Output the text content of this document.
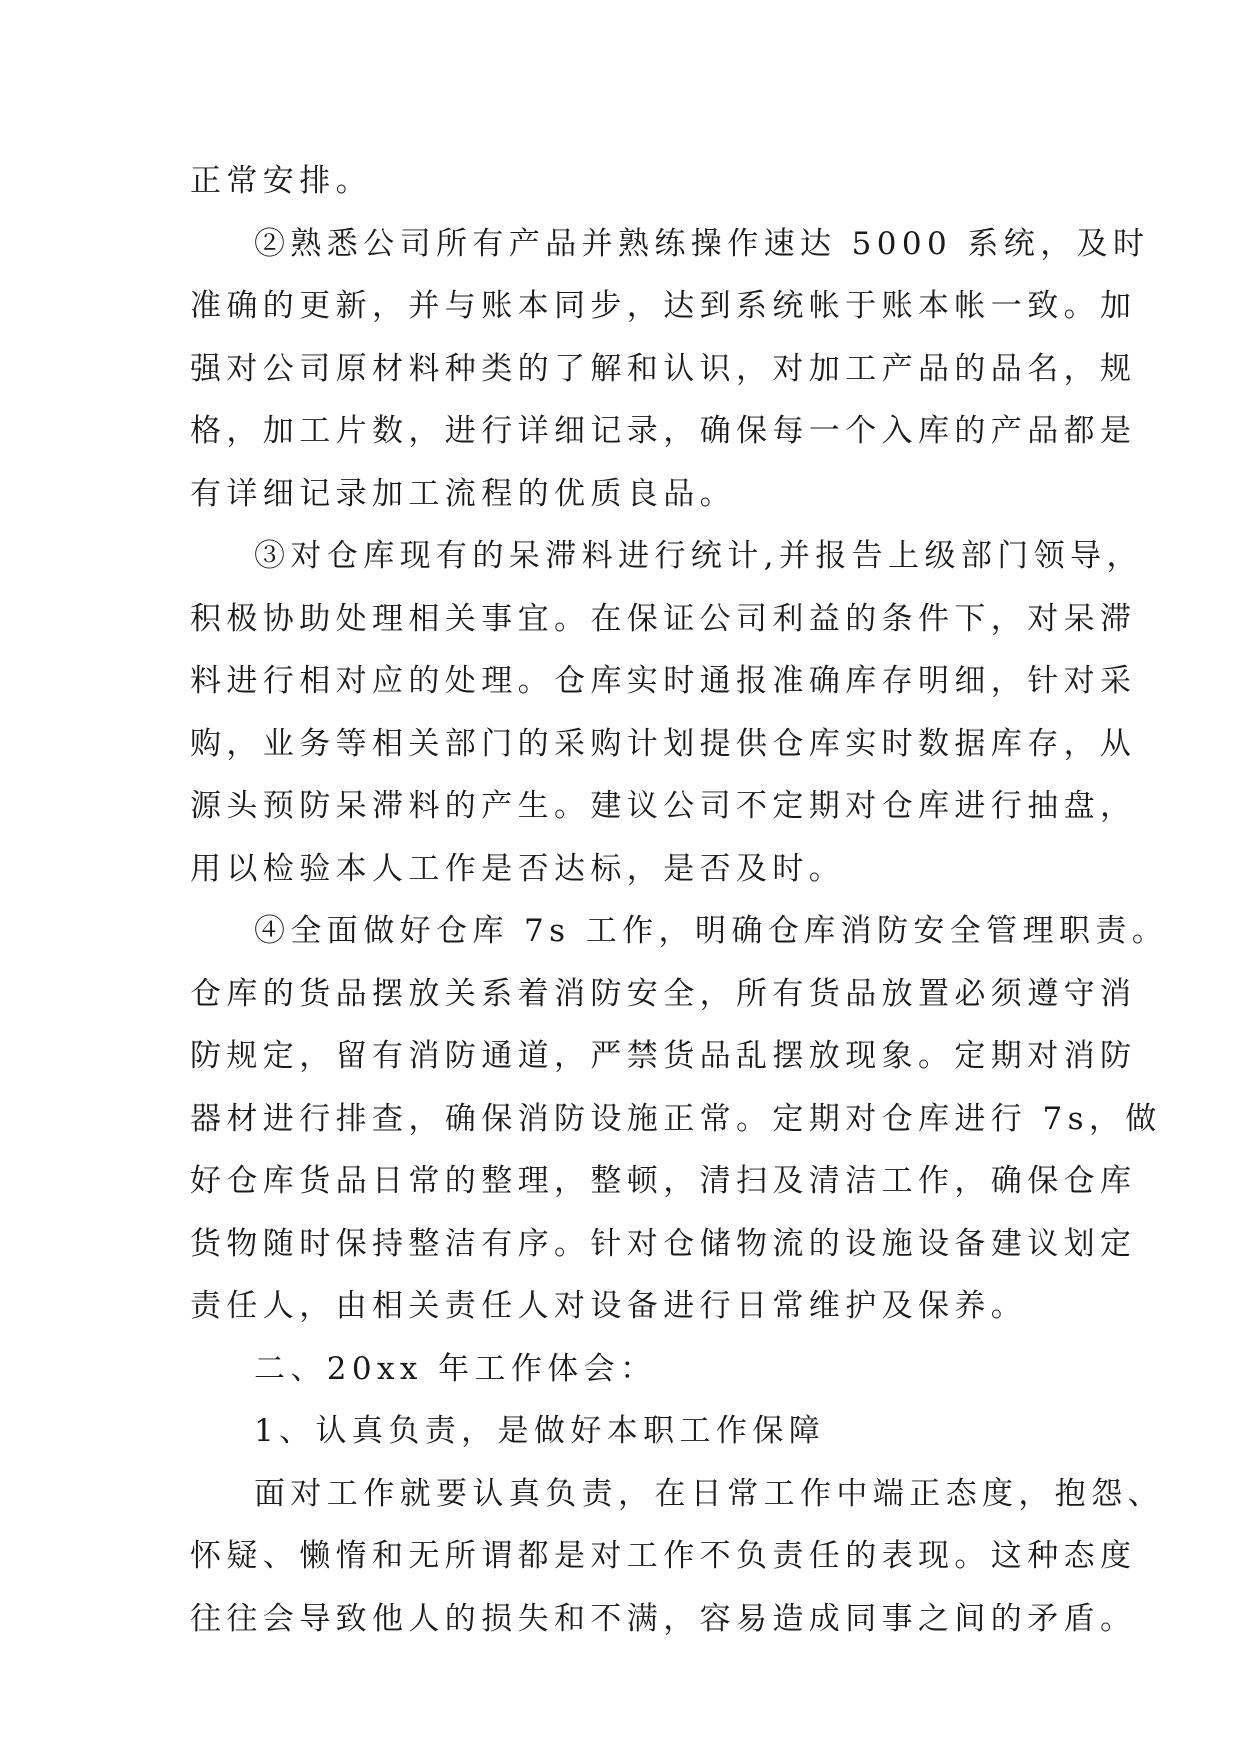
正常安排。

②熟悉公司所有产品并熟练操作速达 5000 系统，及时
准确的更新，并与账本同步，达到系统帐于账本帐一致。加
强对公司原材料种类的了解和认识，对加工产品的品名，规
格，加工片数，进行详细记录，确保每一个入库的产品都是
有详细记录加工流程的优质良品。

③对仓库现有的呆滞料进行统计,并报告上级部门领导，
积极协助处理相关事宜。在保证公司利益的条件下，对呆滞
料进行相对应的处理。仓库实时通报准确库存明细，针对采
购，业务等相关部门的采购计划提供仓库实时数据库存，从
源头预防呆滞料的产生。建议公司不定期对仓库进行抽盘，
用以检验本人工作是否达标，是否及时。

④全面做好仓库 7s 工作，明确仓库消防安全管理职责。
仓库的货品摆放关系着消防安全，所有货品放置必须遵守消
防规定，留有消防通道，严禁货品乱摆放现象。定期对消防
器材进行排查，确保消防设施正常。定期对仓库进行 7s，做
好仓库货品日常的整理，整顿，清扫及清洁工作，确保仓库
货物随时保持整洁有序。针对仓储物流的设施设备建议划定
责任人，由相关责任人对设备进行日常维护及保养。

二、20xx 年工作体会：

1、认真负责，是做好本职工作保障

面对工作就要认真负责，在日常工作中端正态度，抱怨、
怀疑、懒惰和无所谓都是对工作不负责任的表现。这种态度
往往会导致他人的损失和不满，容易造成同事之间的矛盾。
